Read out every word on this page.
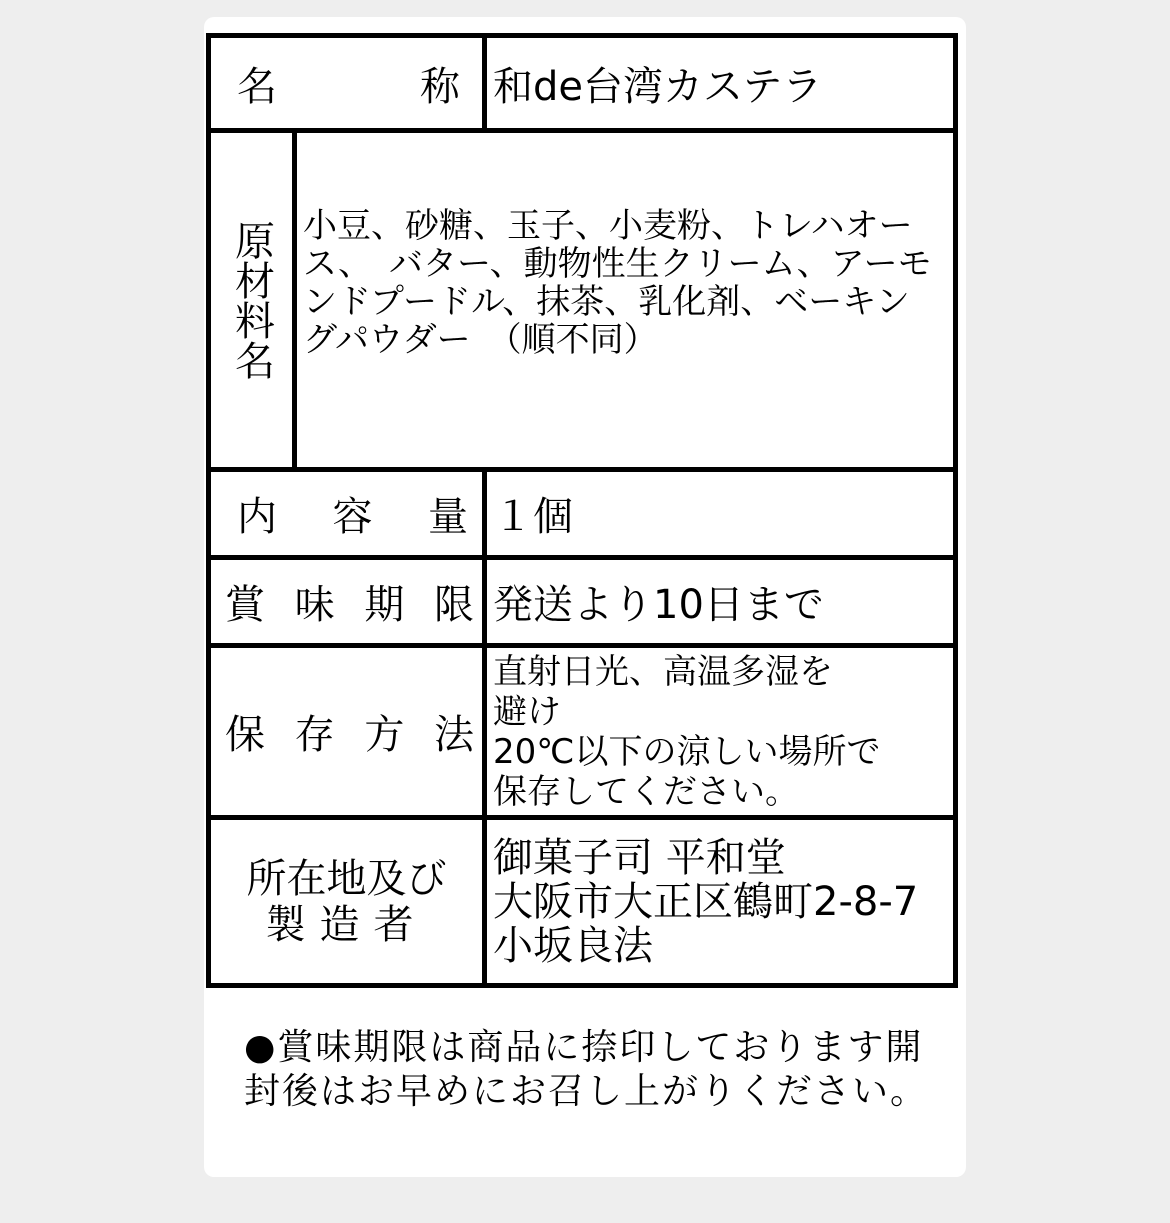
名	称 和de台湾カステラ
原
材
料
名
小豆、砂糖、玉子、小麦粉、トレハオース、　バター、動物性生クリーム、アーモンドプードル、抹茶、乳化剤、ベーキングパウダー　（順不同）
内 容 量 １個
賞 味 期 限 発送より10日まで
保 存 方 法
直射日光、高温多湿を
避け
20℃以下の涼しい場所で
保存してください。
所在地及び
製造者
御菓子司 平和堂
大阪市大正区鶴町2-8-7
小坂良法
●賞味期限は商品に捺印しております開封後はお早めにお召し上がりください。
